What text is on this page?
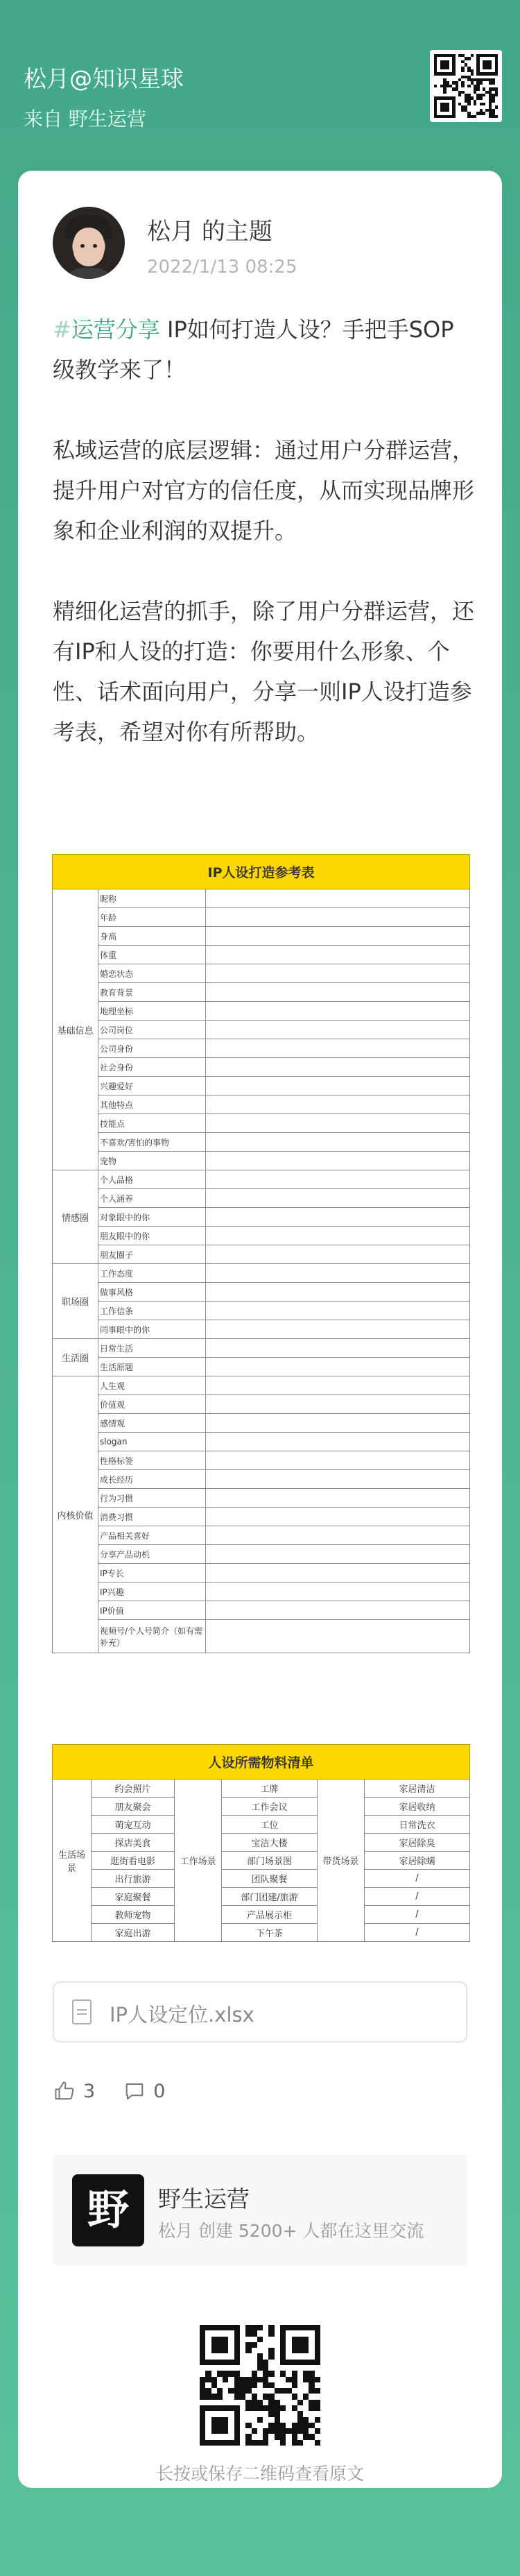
松月@知识星球
来自 野生运营
松月 的主题
2022/1/13 08:25

#运营分享 IP如何打造人设？手把手SOP级教学来了！

私域运营的底层逻辑：通过用户分群运营，提升用户对官方的信任度，从而实现品牌形象和企业利润的双提升。

精细化运营的抓手，除了用户分群运营，还有IP和人设的打造：你要用什么形象、个性、话术面向用户，分享一则IP人设打造参考表，希望对你有所帮助。

IP人设打造参考表		
基础信息	昵称	
	年龄	
	身高	
	体重	
	婚恋状态	
	教育背景	
	地理坐标	
	公司岗位	
	公司身份	
	社会身份	
	兴趣爱好	
	其他特点	
	技能点	
	不喜欢/害怕的事物	
	宠物	
情感圈	个人品格	
	个人涵养	
	对象眼中的你	
	朋友眼中的你	
	朋友圈子	
职场圈	工作态度	
	做事风格	
	工作信条	
	同事眼中的你	
生活圈	日常生活	
	生活原题	
内核价值	人生观	
	价值观	
	感情观	
	slogan	
	性格标签	
	成长经历	
	行为习惯	
	消费习惯	
	产品相关喜好	
	分享产品动机	
	IP专长	
	IP兴趣	
	IP价值	
	视频号/个人号简介（如有需补充）	
人设所需物料清单					
生活场景	约会照片	工作场景	工牌	带货场景	家居清洁
	朋友聚会		工作会议		家居收纳
	萌宠互动		工位		日常洗衣
	探店美食		宝洁大楼		家居除臭
	逛街看电影		部门场景图		家居除螨
	出行旅游		团队聚餐		/
	家庭聚餐		部门团建/旅游		/
	教师宠物		产品展示柜		/
	家庭出游		下午茶		/
IP人设定位.xlsx
3	0
野	野生运营
松月 创建 5200+ 人都在这里交流
长按或保存二维码查看原文
